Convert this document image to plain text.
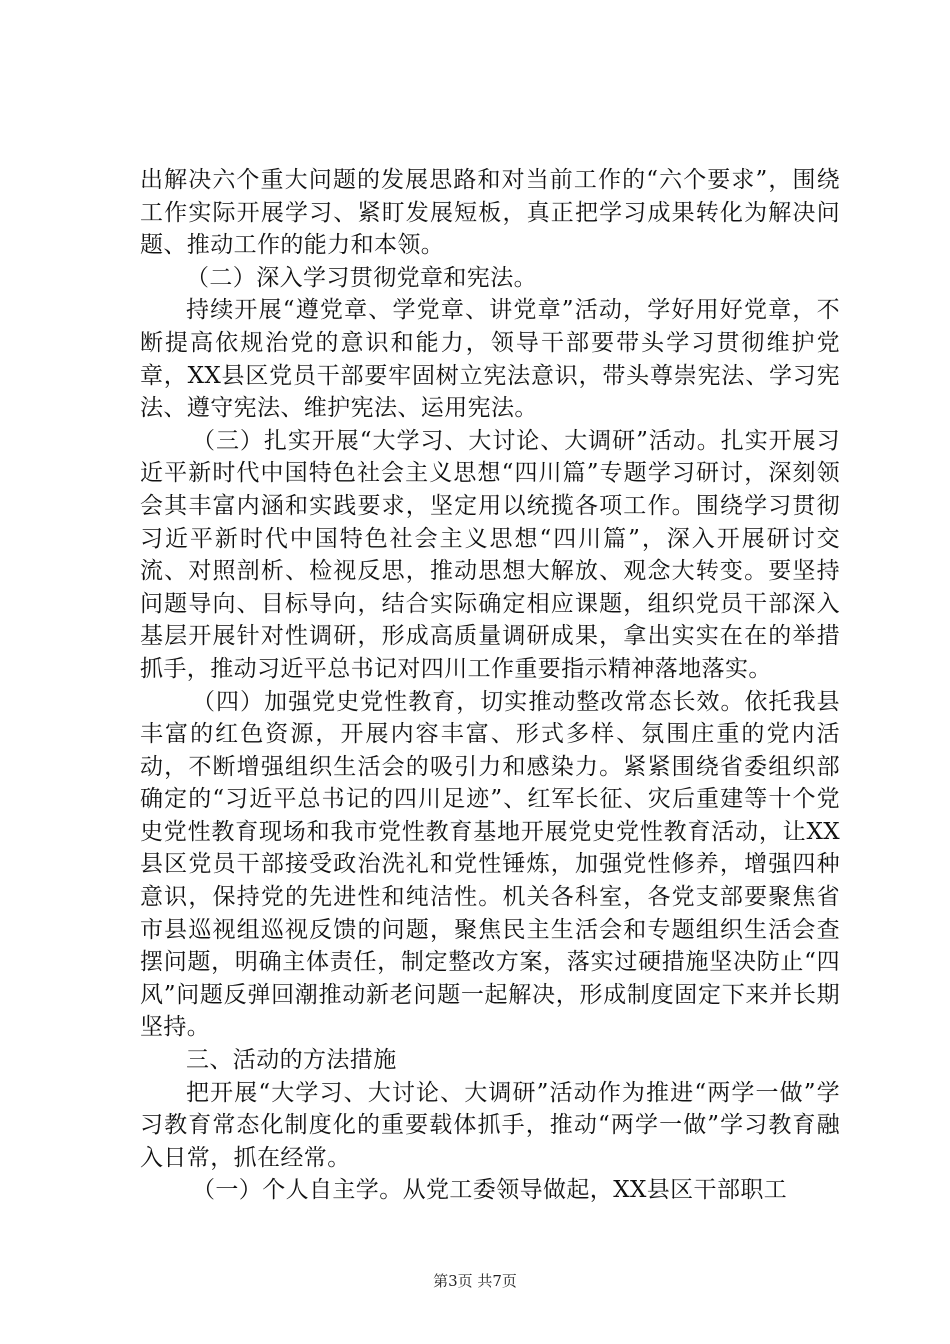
出解决六个重大问题的发展思路和对当前工作的“六个要求”，围绕工作实际开展学习、紧盯发展短板，真正把学习成果转化为解决问题、推动工作的能力和本领。

（二）深入学习贯彻党章和宪法。

持续开展“遵党章、学党章、讲党章”活动，学好用好党章，不断提高依规治党的意识和能力，领导干部要带头学习贯彻维护党章，XX县区党员干部要牢固树立宪法意识，带头尊崇宪法、学习宪法、遵守宪法、维护宪法、运用宪法。

（三）扎实开展“大学习、大讨论、大调研”活动。扎实开展习近平新时代中国特色社会主义思想“四川篇”专题学习研讨，深刻领会其丰富内涵和实践要求，坚定用以统揽各项工作。围绕学习贯彻习近平新时代中国特色社会主义思想“四川篇”，深入开展研讨交流、对照剖析、检视反思，推动思想大解放、观念大转变。要坚持问题导向、目标导向，结合实际确定相应课题，组织党员干部深入基层开展针对性调研，形成高质量调研成果，拿出实实在在的举措抓手，推动习近平总书记对四川工作重要指示精神落地落实。

（四）加强党史党性教育，切实推动整改常态长效。依托我县丰富的红色资源，开展内容丰富、形式多样、氛围庄重的党内活动，不断增强组织生活会的吸引力和感染力。紧紧围绕省委组织部确定的“习近平总书记的四川足迹”、红军长征、灾后重建等十个党史党性教育现场和我市党性教育基地开展党史党性教育活动，让XX县区党员干部接受政治洗礼和党性锤炼，加强党性修养，增强四种意识，保持党的先进性和纯洁性。机关各科室，各党支部要聚焦省市县巡视组巡视反馈的问题，聚焦民主生活会和专题组织生活会查摆问题，明确主体责任，制定整改方案，落实过硬措施坚决防止“四风”问题反弹回潮推动新老问题一起解决，形成制度固定下来并长期坚持。

三、活动的方法措施

把开展“大学习、大讨论、大调研”活动作为推进“两学一做”学习教育常态化制度化的重要载体抓手，推动“两学一做”学习教育融入日常，抓在经常。

（一）个人自主学。从党工委领导做起，XX县区干部职工

第3页 共7页
